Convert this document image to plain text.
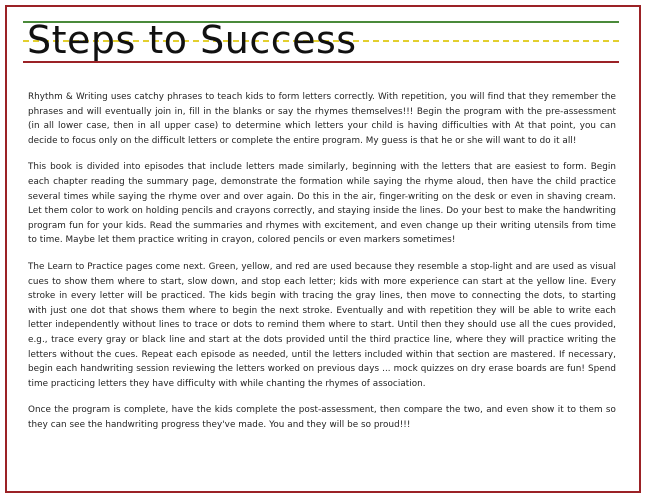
Steps to Success

Rhythm & Writing uses catchy phrases to teach kids to form letters correctly. With repetition, you will find that they remember the phrases and will eventually join in, fill in the blanks or say the rhymes themselves!!! Begin the program with the pre-assessment (in all lower case, then in all upper case) to determine which letters your child is having difficulties with At that point, you can decide to focus only on the difficult letters or complete the entire program. My guess is that he or she will want to do it all!

This book is divided into episodes that include letters made similarly, beginning with the letters that are easiest to form. Begin each chapter reading the summary page, demonstrate the formation while saying the rhyme aloud, then have the child practice several times while saying the rhyme over and over again. Do this in the air, finger-writing on the desk or even in shaving cream. Let them color to work on holding pencils and crayons correctly, and staying inside the lines. Do your best to make the handwriting program fun for your kids. Read the summaries and rhymes with excitement, and even change up their writing utensils from time to time. Maybe let them practice writing in crayon, colored pencils or even markers sometimes!

The Learn to Practice pages come next. Green, yellow, and red are used because they resemble a stop-light and are used as visual cues to show them where to start, slow down, and stop each letter; kids with more experience can start at the yellow line. Every stroke in every letter will be practiced. The kids begin with tracing the gray lines, then move to connecting the dots, to starting with just one dot that shows them where to begin the next stroke. Eventually and with repetition they will be able to write each letter independently without lines to trace or dots to remind them where to start. Until then they should use all the cues provided, e.g., trace every gray or black line and start at the dots provided until the third practice line, where they will practice writing the letters without the cues. Repeat each episode as needed, until the letters included within that section are mastered. If necessary, begin each handwriting session reviewing the letters worked on previous days ... mock quizzes on dry erase boards are fun! Spend time practicing letters they have difficulty with while chanting the rhymes of association.

Once the program is complete, have the kids complete the post-assessment, then compare the two, and even show it to them so they can see the handwriting progress they've made. You and they will be so proud!!!
